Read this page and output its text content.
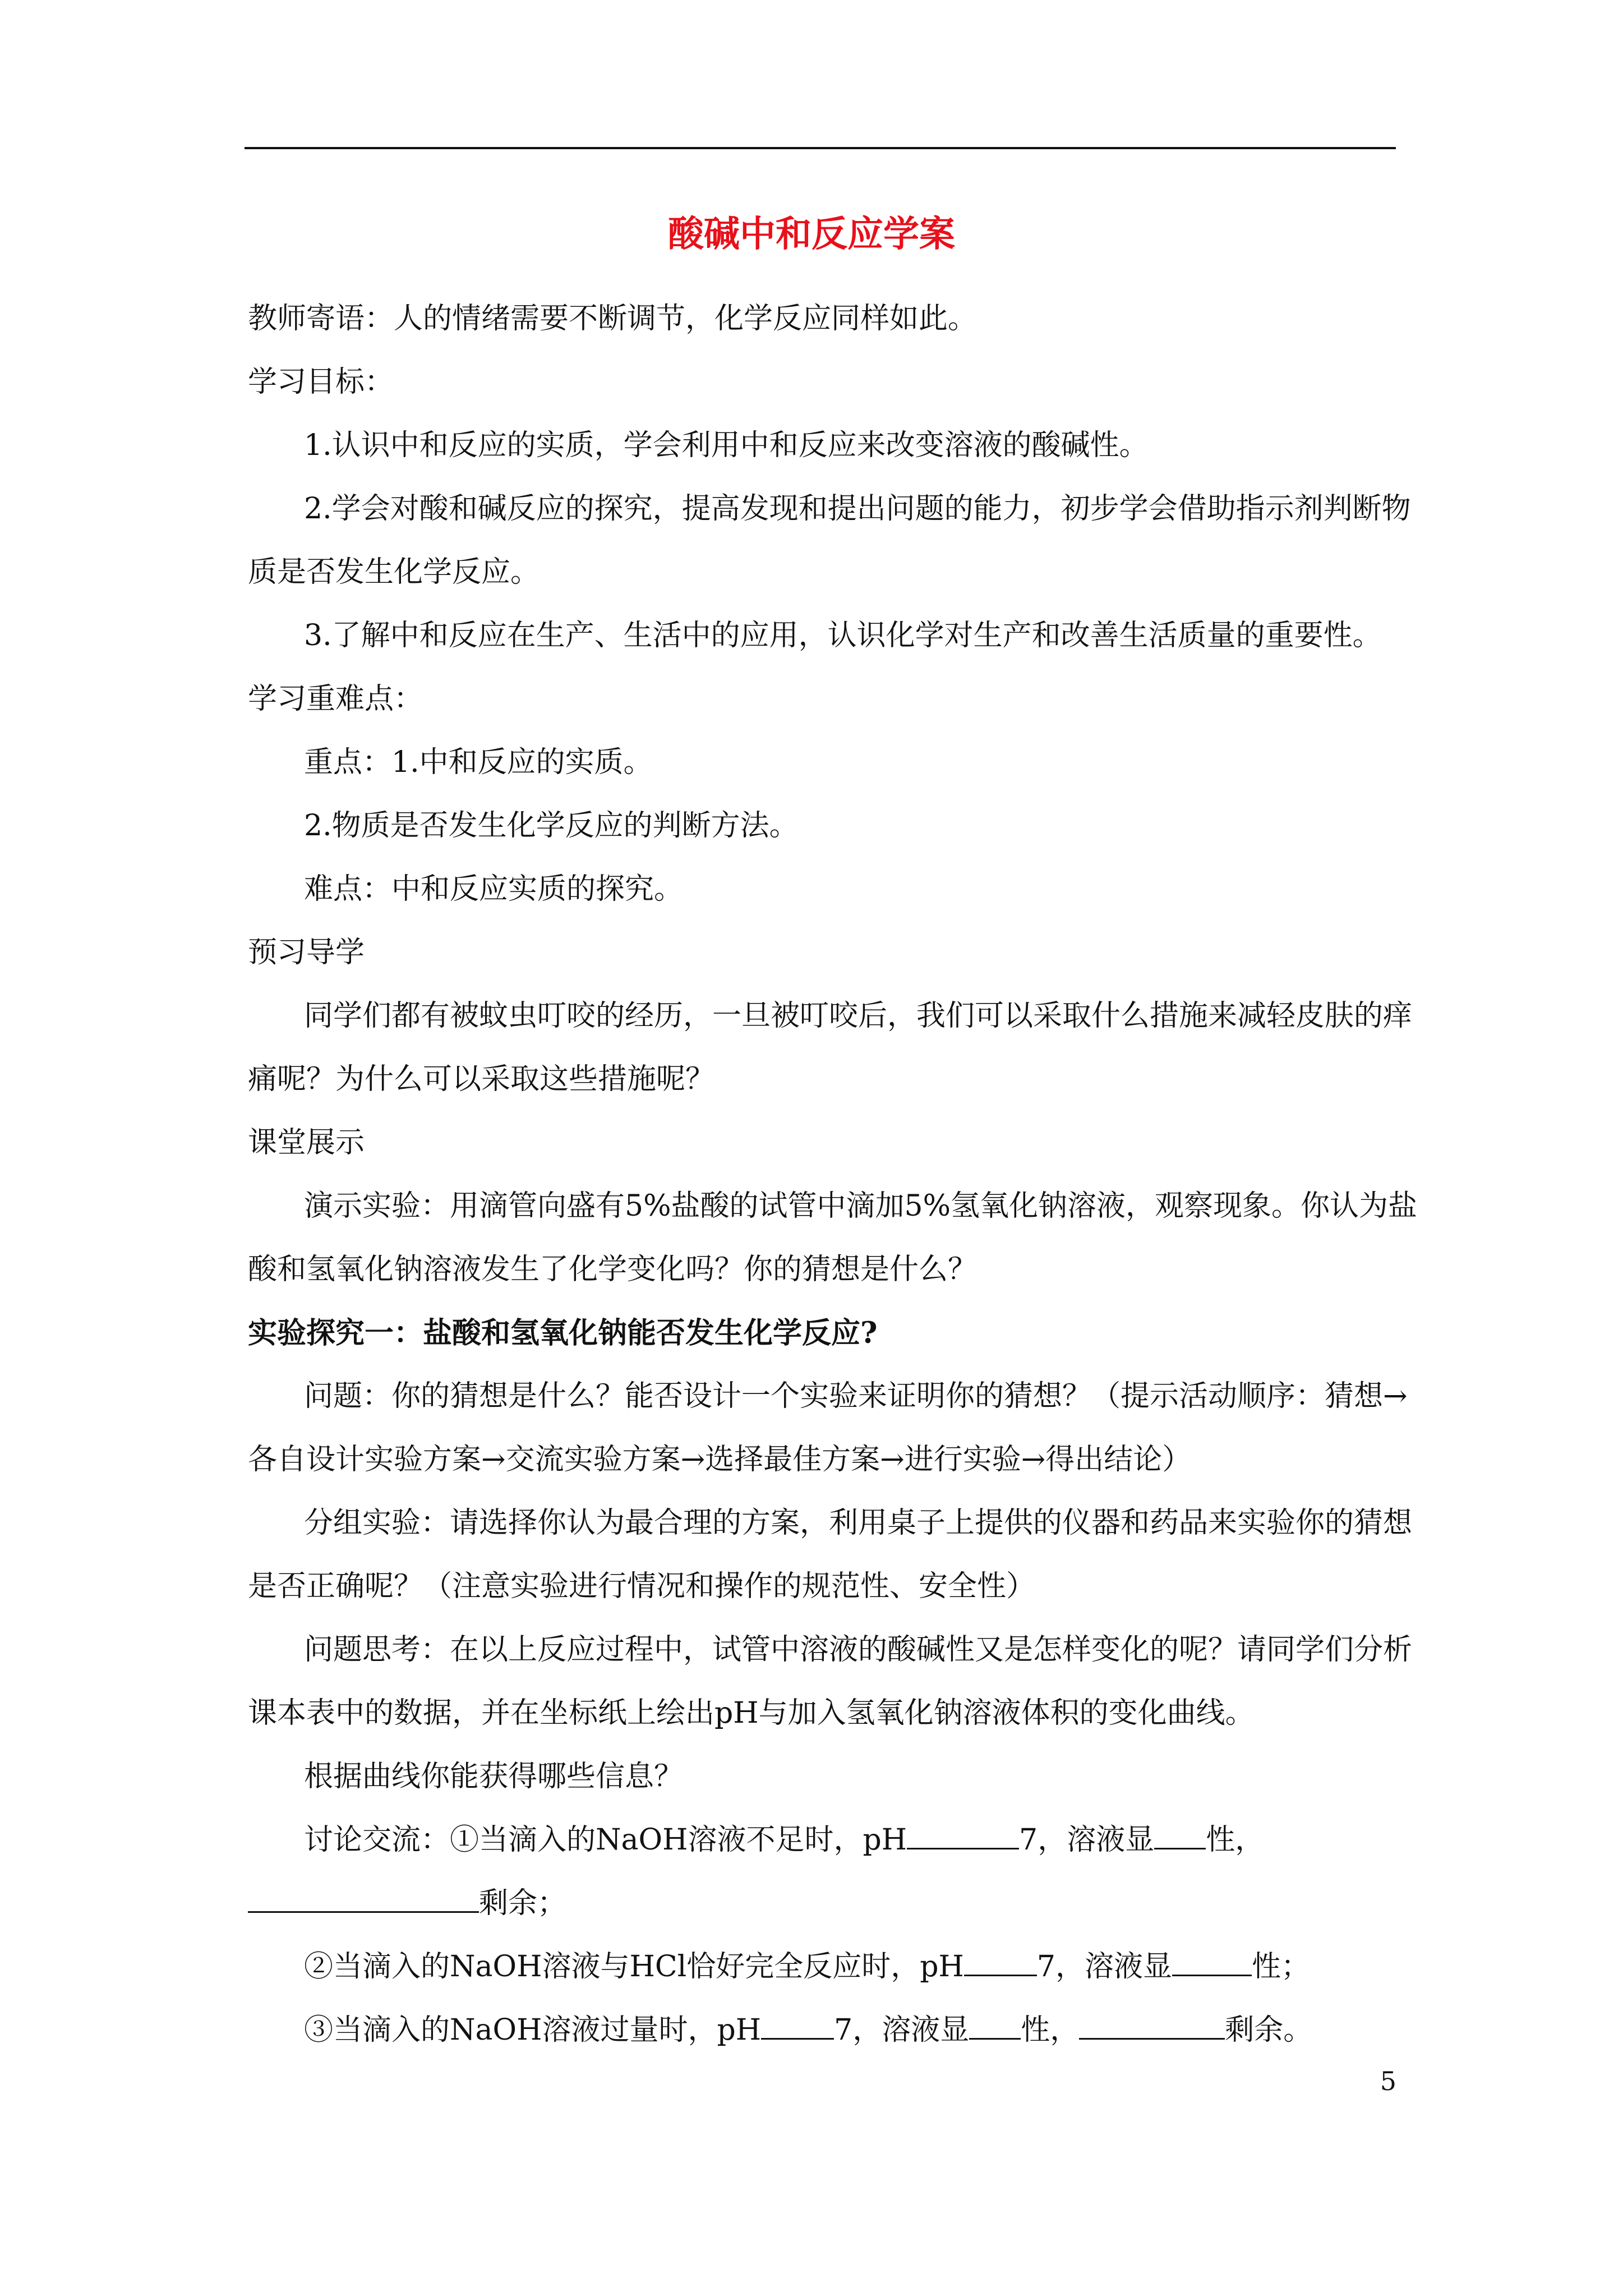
酸碱中和反应学案

教师寄语：人的情绪需要不断调节，化学反应同样如此。

学习目标：

1.认识中和反应的实质，学会利用中和反应来改变溶液的酸碱性。

2.学会对酸和碱反应的探究，提高发现和提出问题的能力，初步学会借助指示剂判断物

质是否发生化学反应。

3.了解中和反应在生产、生活中的应用，认识化学对生产和改善生活质量的重要性。

学习重难点：

重点：1.中和反应的实质。

2.物质是否发生化学反应的判断方法。

难点：中和反应实质的探究。

预习导学

同学们都有被蚊虫叮咬的经历，一旦被叮咬后，我们可以采取什么措施来减轻皮肤的痒

痛呢？为什么可以采取这些措施呢？

课堂展示

演示实验：用滴管向盛有5%盐酸的试管中滴加5%氢氧化钠溶液，观察现象。你认为盐

酸和氢氧化钠溶液发生了化学变化吗？你的猜想是什么？

实验探究一：盐酸和氢氧化钠能否发生化学反应?

问题：你的猜想是什么？能否设计一个实验来证明你的猜想？（提示活动顺序：猜想→

各自设计实验方案→交流实验方案→选择最佳方案→进行实验→得出结论）

分组实验：请选择你认为最合理的方案，利用桌子上提供的仪器和药品来实验你的猜想

是否正确呢？（注意实验进行情况和操作的规范性、安全性）

问题思考：在以上反应过程中，试管中溶液的酸碱性又是怎样变化的呢？请同学们分析

课本表中的数据，并在坐标纸上绘出pH与加入氢氧化钠溶液体积的变化曲线。

根据曲线你能获得哪些信息？

讨论交流：①当滴入的NaOH溶液不足时，pH	7，溶液显 性，

剩余；

②当滴入的NaOH溶液与HCl恰好完全反应时，pH	7，溶液显	性；

③当滴入的NaOH溶液过量时，pH	7，溶液显 性，	剩余。

5
